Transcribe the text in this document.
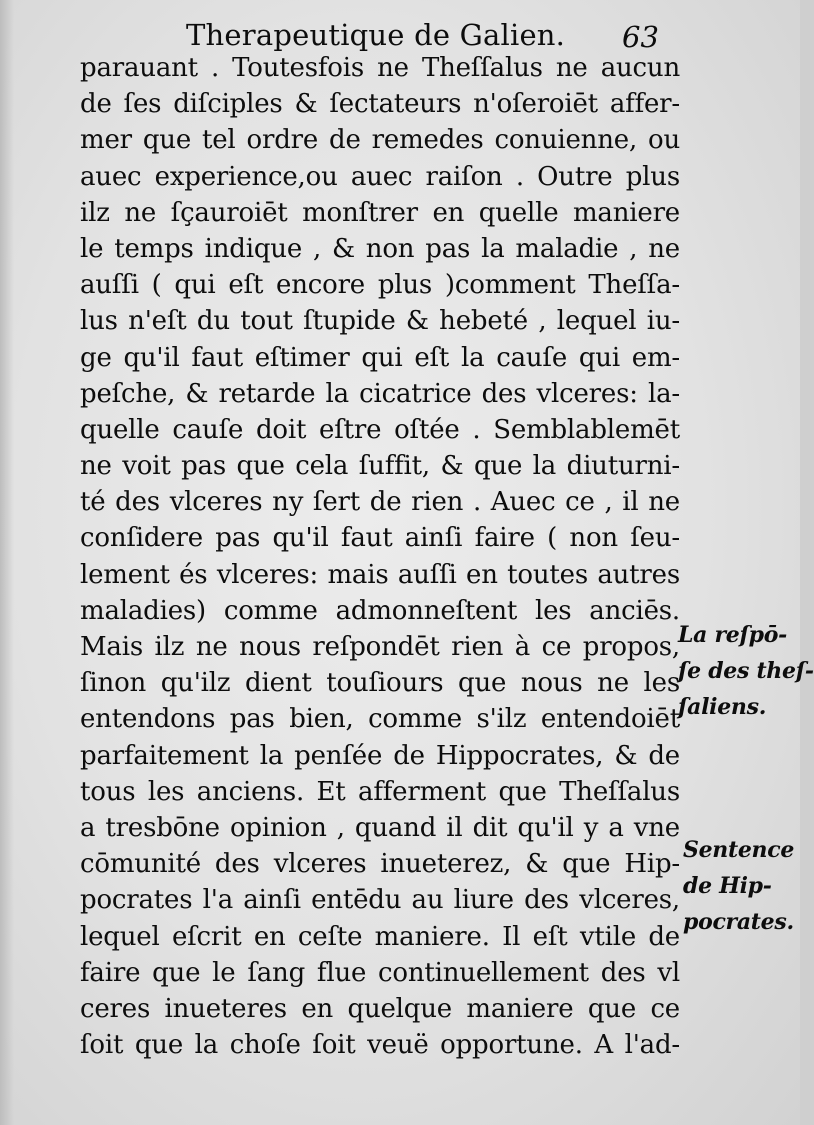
Therapeutique de Galien. 63
parauant . Toutesfois ne Theſſalus ne aucun
de ſes diſciples & ſectateurs n'oſeroiēt affer-
mer que tel ordre de remedes conuienne, ou
auec experience,ou auec raiſon . Outre plus
ilz ne ſçauroiēt monſtrer en quelle maniere
le temps indique , & non pas la maladie , ne
auſſi ( qui eſt encore plus )comment Theſſa-
lus n'eſt du tout ſtupide & hebeté , lequel iu-
ge qu'il faut eſtimer qui eſt la cauſe qui em-
peſche, & retarde la cicatrice des vlceres: la-
quelle cauſe doit eſtre oſtée . Semblablemēt
ne voit pas que cela ſuffit, & que la diuturni-
té des vlceres ny ſert de rien . Auec ce , il ne
conſidere pas qu'il faut ainſi faire ( non ſeu-
lement és vlceres: mais auſſi en toutes autres
maladies) comme admonneſtent les anciēs.
Mais ilz ne nous reſpondēt rien à ce propos,
ſinon qu'ilz dient touſiours que nous ne les
entendons pas bien, comme s'ilz entendoiēt
parfaitement la penſée de Hippocrates, & de
tous les anciens. Et afferment que Theſſalus
a tresbōne opinion , quand il dit qu'il y a vne
cōmunité des vlceres inueterez, & que Hip-
pocrates l'a ainſi entēdu au liure des vlceres,
lequel eſcrit en ceſte maniere. Il eſt vtile de
faire que le ſang flue continuellement des vl
ceres inueteres en quelque maniere que ce
ſoit que la choſe ſoit veuë opportune. A l'ad-
La reſpō-
ſe des theſ-
ſaliens.
Sentence
de Hip-
pocrates.
